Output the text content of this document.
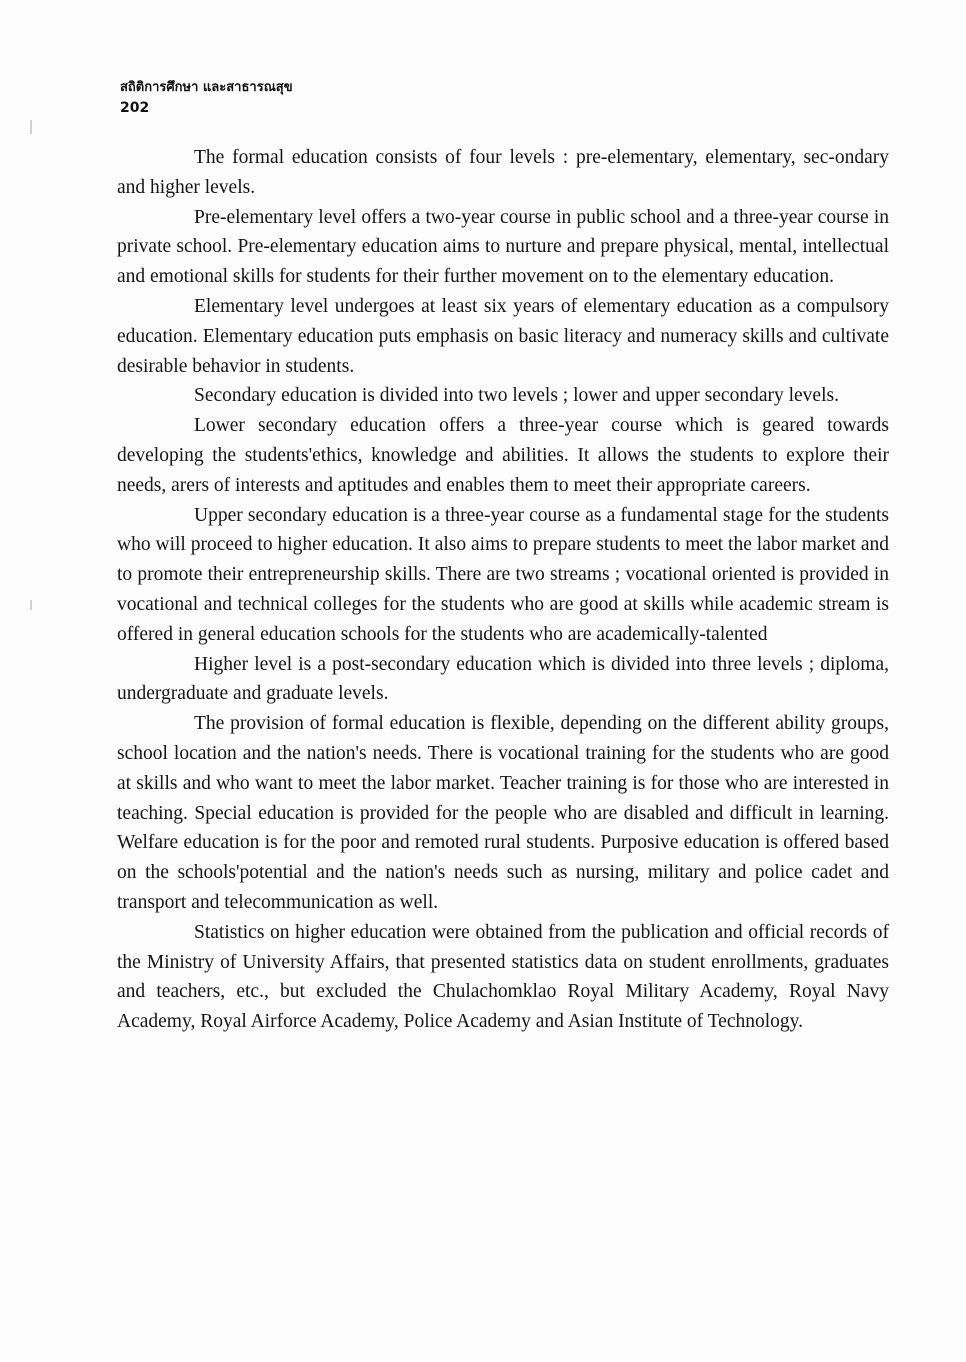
สถิติการศึกษา และสาธารณสุข
202

The formal education consists of four levels : pre-elementary, elementary, sec-ondary and higher levels.

Pre-elementary level offers a two-year course in public school and a three-year course in private school. Pre-elementary education aims to nurture and prepare physical, mental, intellectual and emotional skills for students for their further movement on to the elementary education.

Elementary level undergoes at least six years of elementary education as a compulsory education. Elementary education puts emphasis on basic literacy and numeracy skills and cultivate desirable behavior in students.

Secondary education is divided into two levels ; lower and upper secondary levels.

Lower secondary education offers a three-year course which is geared towards developing the students'ethics, knowledge and abilities. It allows the students to explore their needs, arers of interests and aptitudes and enables them to meet their appropriate careers.

Upper secondary education is a three-year course as a fundamental stage for the students who will proceed to higher education. It also aims to prepare students to meet the labor market and to promote their entrepreneurship skills. There are two streams ; vocational oriented is provided in vocational and technical colleges for the students who are good at skills while academic stream is offered in general education schools for the students who are academically-talented

Higher level is a post-secondary education which is divided into three levels ; diploma, undergraduate and graduate levels.

The provision of formal education is flexible, depending on the different ability groups, school location and the nation's needs. There is vocational training for the students who are good at skills and who want to meet the labor market. Teacher training is for those who are interested in teaching. Special education is provided for the people who are disabled and difficult in learning. Welfare education is for the poor and remoted rural students. Purposive education is offered based on the schools'potential and the nation's needs such as nursing, military and police cadet and transport and telecommunication as well.

Statistics on higher education were obtained from the publication and official records of the Ministry of University Affairs, that presented statistics data on student enrollments, graduates and teachers, etc., but excluded the Chulachomklao Royal Military Academy, Royal Navy Academy, Royal Airforce Academy, Police Academy and Asian Institute of Technology.
